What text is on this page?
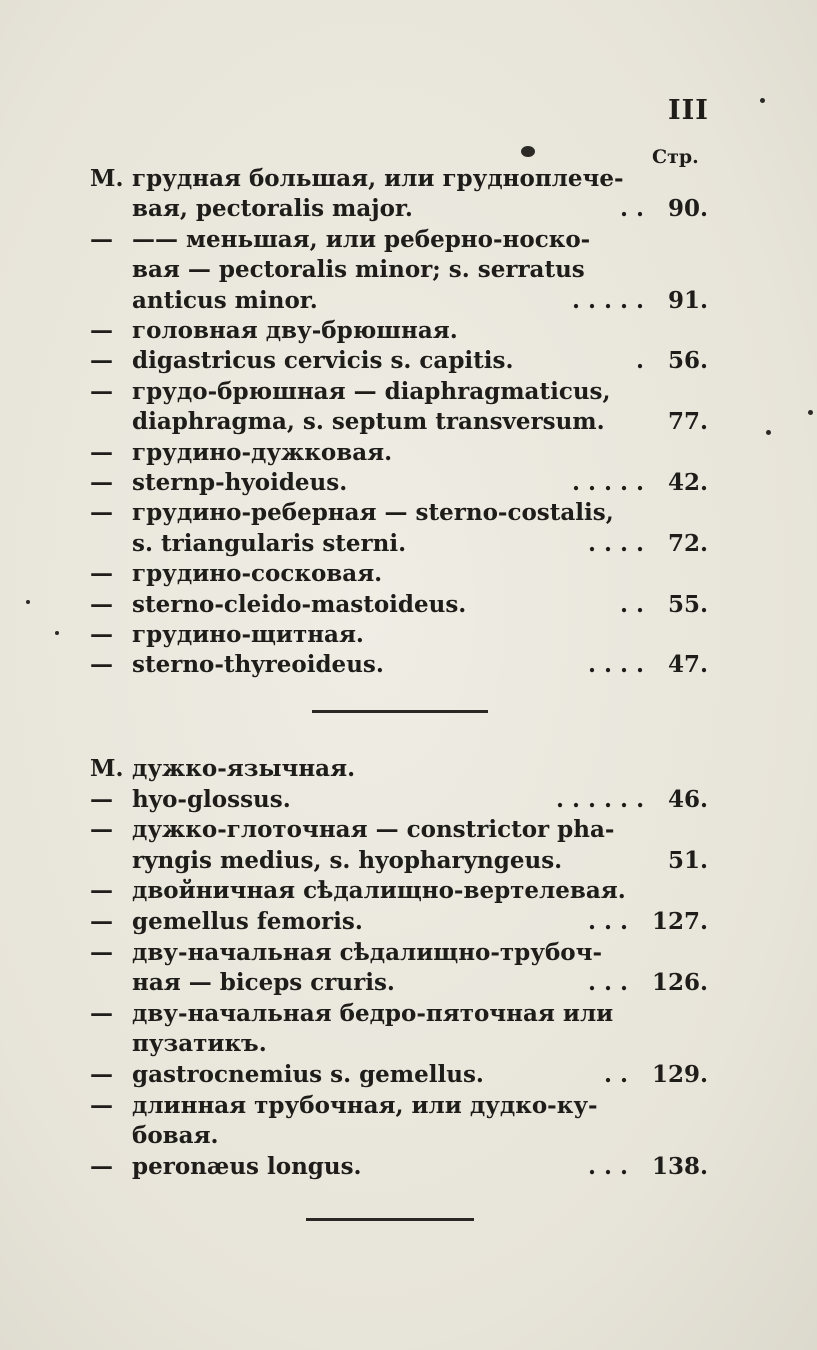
III
Стр.
М. грудная большая, или грудноплече-
вая, pectoralis major.	. . 90.
— —— меньшая, или реберно-носко-
вая — pectoralis minor; s. serratus
anticus minor.	. . . . . 91.
— головная дву-брюшная.
— digastricus cervicis s. capitis.	. 56.
— грудо-брюшная — diaphragmaticus,
diaphragma, s. septum transversum.	77.
— грудино-дужковая.
— sternp-hyoideus.	. . . . . 42.
— грудино-реберная — sterno-costalis,
s. triangularis sterni.	. . . . 72.
— грудино-сосковая.
— sterno-cleido-mastoideus.	. . 55.
— грудино-щитная.
— sterno-thyreoideus.	. . . . 47.
М. дужко-язычная.
— hyo-glossus.	. . . . . . 46.
— дужко-глоточная — constrictor pha-
ryngis medius, s. hyopharyngeus.	51.
— двойничная сѣдалищно-вертелевая.
— gemellus femoris.	. . . 127.
— дву-начальная сѣдалищно-трубоч-
ная — biceps cruris.	. . . 126.
— дву-начальная бедро-пяточная или
пузатикъ.
— gastrocnemius s. gemellus.	. . 129.
— длинная трубочная, или дудко-ку-
бовая.
— peronæus longus.	. . . 138.
